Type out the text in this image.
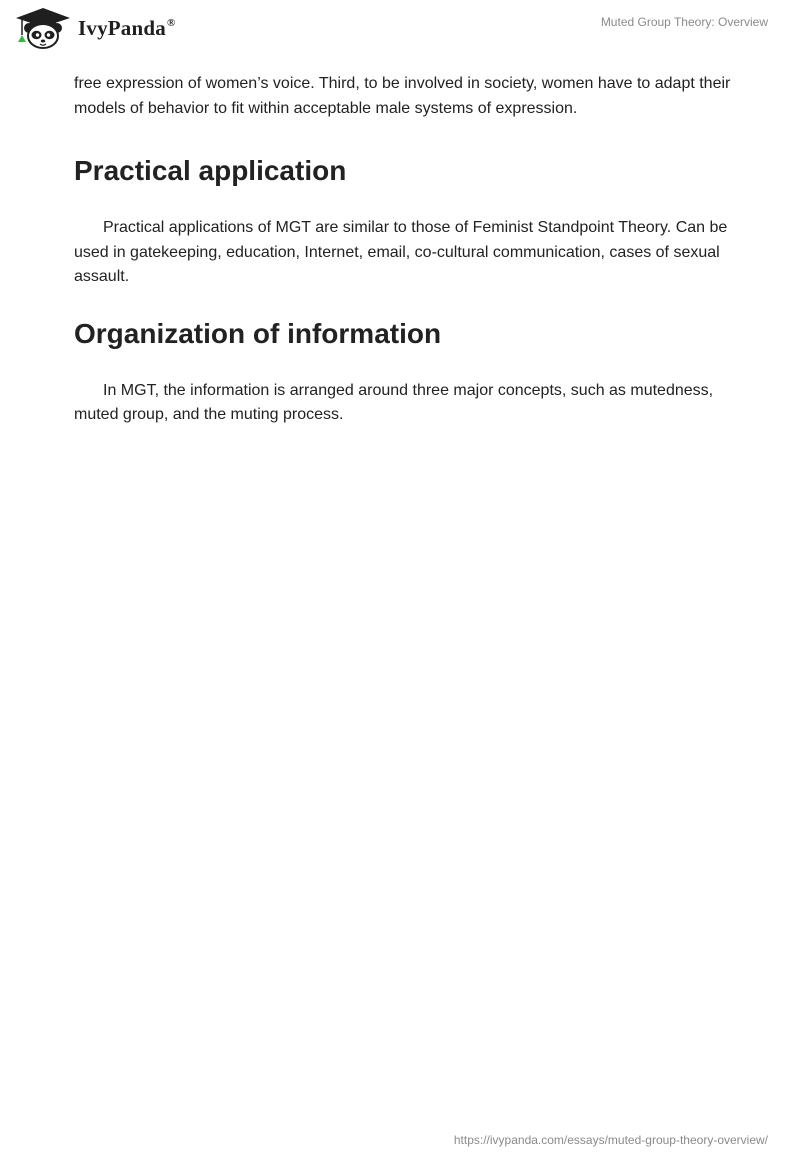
IvyPanda®	Muted Group Theory: Overview

free expression of women’s voice. Third, to be involved in society, women have to adapt their models of behavior to fit within acceptable male systems of expression.

Practical application

Practical applications of MGT are similar to those of Feminist Standpoint Theory. Can be used in gatekeeping, education, Internet, email, co-cultural communication, cases of sexual assault.

Organization of information

In MGT, the information is arranged around three major concepts, such as mutedness, muted group, and the muting process.

https://ivypanda.com/essays/muted-group-theory-overview/
